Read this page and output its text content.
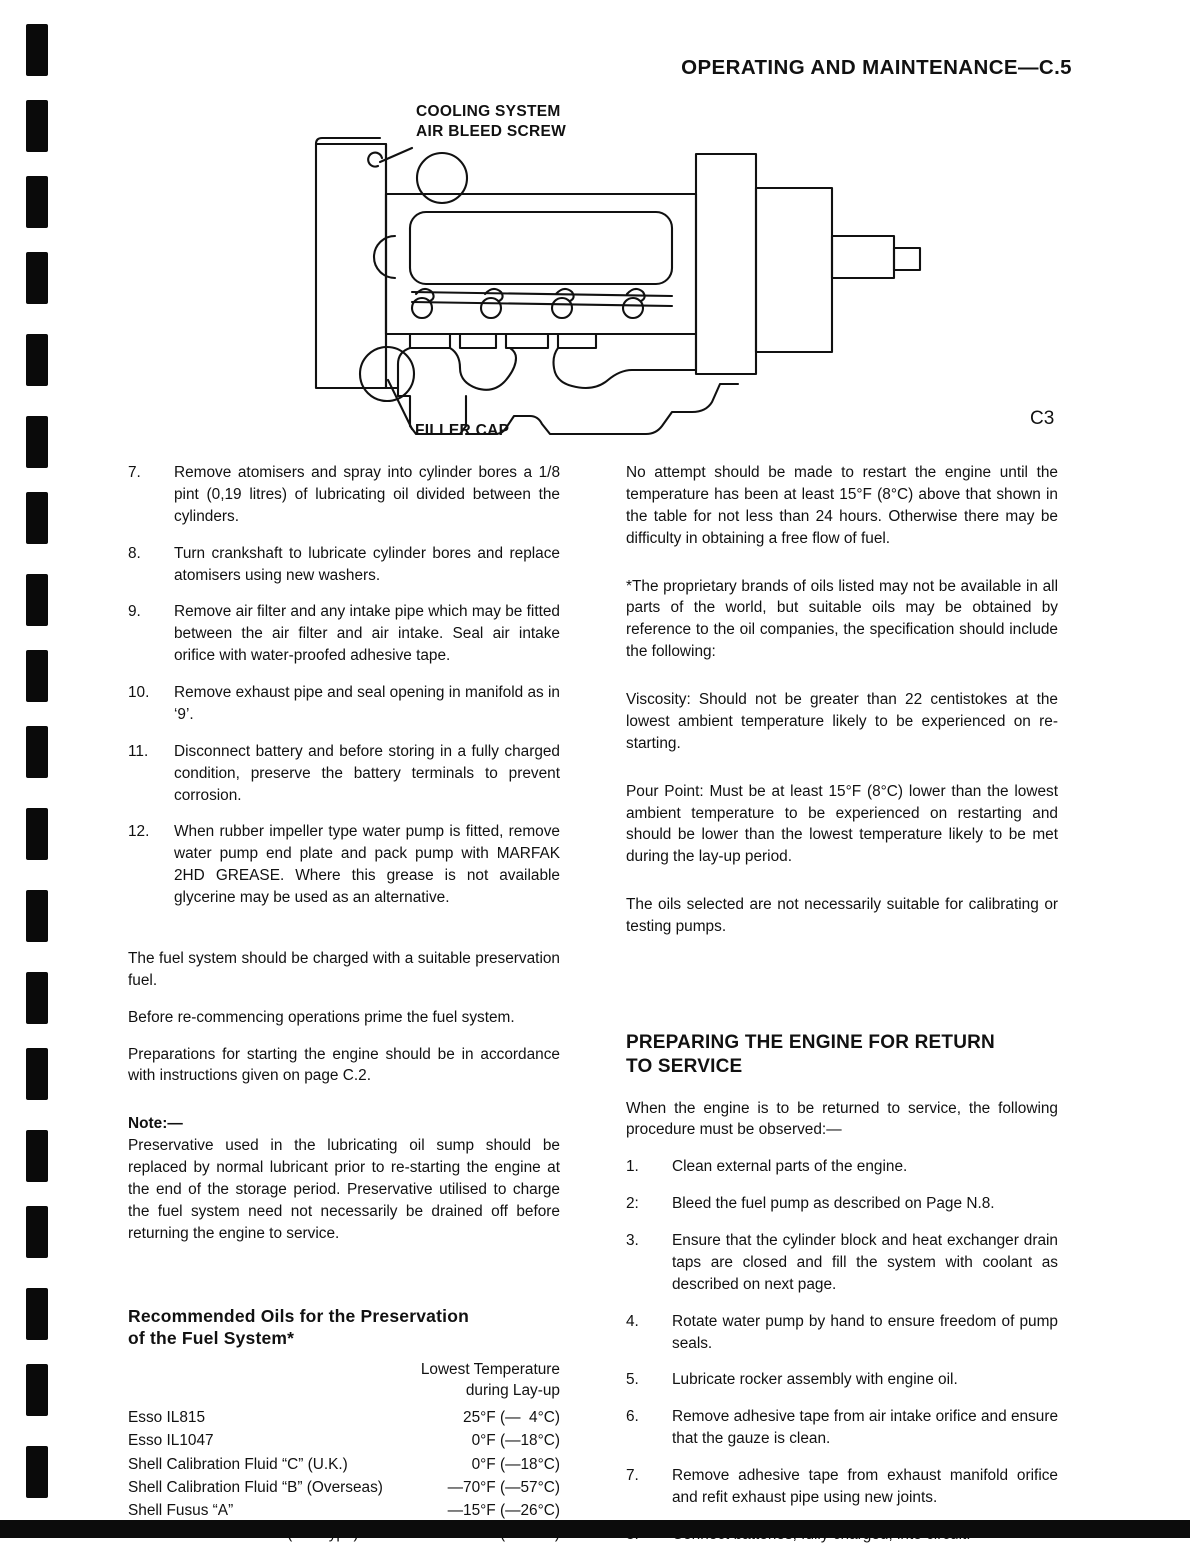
OPERATING AND MAINTENANCE—C.5
COOLING SYSTEM
AIR BLEED SCREW
FILLER CAP
C3
7.	Remove atomisers and spray into cylinder bores a 1/8 pint (0,19 litres) of lubricating oil divided between the cylinders.
8.	Turn crankshaft to lubricate cylinder bores and replace atomisers using new washers.
9.	Remove air filter and any intake pipe which may be fitted between the air filter and air intake. Seal air intake orifice with water-proofed adhesive tape.
10.	Remove exhaust pipe and seal opening in manifold as in ‘9’.
11.	Disconnect battery and before storing in a fully charged condition, preserve the battery terminals to prevent corrosion.
12.	When rubber impeller type water pump is fitted, remove water pump end plate and pack pump with MARFAK 2HD GREASE. Where this grease is not available glycerine may be used as an alternative.
The fuel system should be charged with a suitable preservation fuel.
Before re-commencing operations prime the fuel system.
Preparations for starting the engine should be in accordance with instructions given on page C.2.
Note:—
Preservative used in the lubricating oil sump should be replaced by normal lubricant prior to re-starting the engine at the end of the storage period. Preservative utilised to charge the fuel system need not necessarily be drained off before returning the engine to service.
Recommended Oils for the Preservation
of the Fuel System*

	Lowest Temperature
during Lay-up

Esso IL815	25°F (—  4°C)
Esso IL1047	0°F (—18°C)
Shell Calibration Fluid “C” (U.K.)	0°F (—18°C)
Shell Calibration Fluid “B” (Overseas)	—70°F (—57°C)
Shell Fusus “A”	—15°F (—26°C)

No attempt should be made to restart the engine until the temperature has been at least 15°F (8°C) above that shown in the table for not less than 24 hours. Otherwise there may be difficulty in obtaining a free flow of fuel.
*The proprietary brands of oils listed may not be available in all parts of the world, but suitable oils may be obtained by reference to the oil companies, the specification should include the following:
Viscosity: Should not be greater than 22 centistokes at the lowest ambient temperature likely to be experienced on re-starting.
Pour Point: Must be at least 15°F (8°C) lower than the lowest ambient temperature to be experienced on restarting and should be lower than the lowest temperature likely to be met during the lay-up period.
The oils selected are not necessarily suitable for calibrating or testing pumps.
PREPARING THE ENGINE FOR RETURN
TO SERVICE
When the engine is to be returned to service, the following procedure must be observed:—
1.	Clean external parts of the engine.
2:	Bleed the fuel pump as described on Page N.8.
3.	Ensure that the cylinder block and heat exchanger drain taps are closed and fill the system with coolant as described on next page.
4.	Rotate water pump by hand to ensure freedom of pump seals.
5.	Lubricate rocker assembly with engine oil.
6.	Remove adhesive tape from air intake orifice and ensure that the gauze is clean.
7.	Remove adhesive tape from exhaust manifold orifice and refit exhaust pipe using new joints.
